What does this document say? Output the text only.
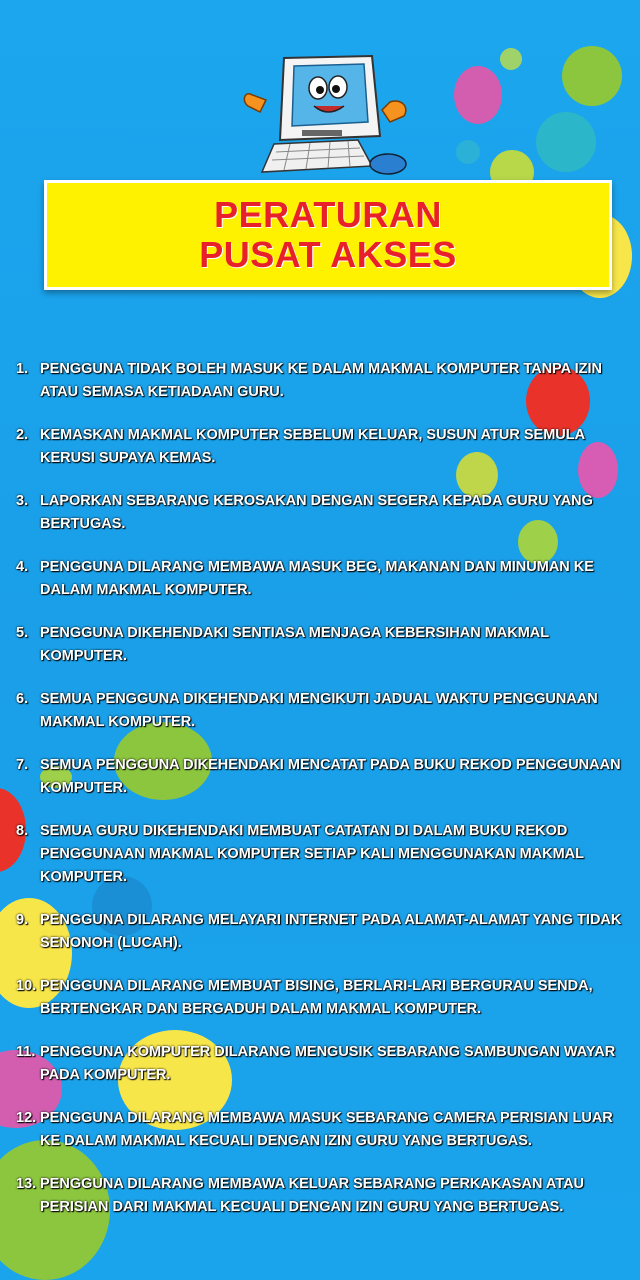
PERATURAN
PUSAT AKSES
1. PENGGUNA TIDAK BOLEH MASUK KE DALAM MAKMAL KOMPUTER TANPA IZIN ATAU SEMASA KETIADAAN GURU.
2. KEMASKAN MAKMAL KOMPUTER SEBELUM KELUAR, SUSUN ATUR SEMULA KERUSI SUPAYA KEMAS.
3. LAPORKAN SEBARANG KEROSAKAN DENGAN SEGERA KEPADA GURU YANG BERTUGAS.
4. PENGGUNA DILARANG MEMBAWA MASUK BEG, MAKANAN DAN MINUMAN KE DALAM MAKMAL KOMPUTER.
5. PENGGUNA DIKEHENDAKI SENTIASA MENJAGA KEBERSIHAN MAKMAL KOMPUTER.
6. SEMUA PENGGUNA DIKEHENDAKI MENGIKUTI JADUAL WAKTU PENGGUNAAN MAKMAL KOMPUTER.
7. SEMUA PENGGUNA DIKEHENDAKI MENCATAT PADA BUKU REKOD PENGGUNAAN KOMPUTER.
8. SEMUA GURU DIKEHENDAKI MEMBUAT CATATAN DI DALAM BUKU REKOD PENGGUNAAN MAKMAL KOMPUTER SETIAP KALI MENGGUNAKAN MAKMAL KOMPUTER.
9. PENGGUNA DILARANG MELAYARI INTERNET PADA ALAMAT-ALAMAT YANG TIDAK SENONOH (LUCAH).
10. PENGGUNA DILARANG MEMBUAT BISING, BERLARI-LARI BERGURAU SENDA, BERTENGKAR DAN BERGADUH DALAM MAKMAL KOMPUTER.
11. PENGGUNA KOMPUTER DILARANG MENGUSIK SEBARANG SAMBUNGAN WAYAR PADA KOMPUTER.
12. PENGGUNA DILARANG MEMBAWA MASUK SEBARANG CAMERA PERISIAN LUAR KE DALAM MAKMAL KECUALI DENGAN IZIN GURU YANG BERTUGAS.
13. PENGGUNA DILARANG MEMBAWA KELUAR SEBARANG PERKAKASAN ATAU PERISIAN DARI MAKMAL KECUALI DENGAN IZIN GURU YANG BERTUGAS.
